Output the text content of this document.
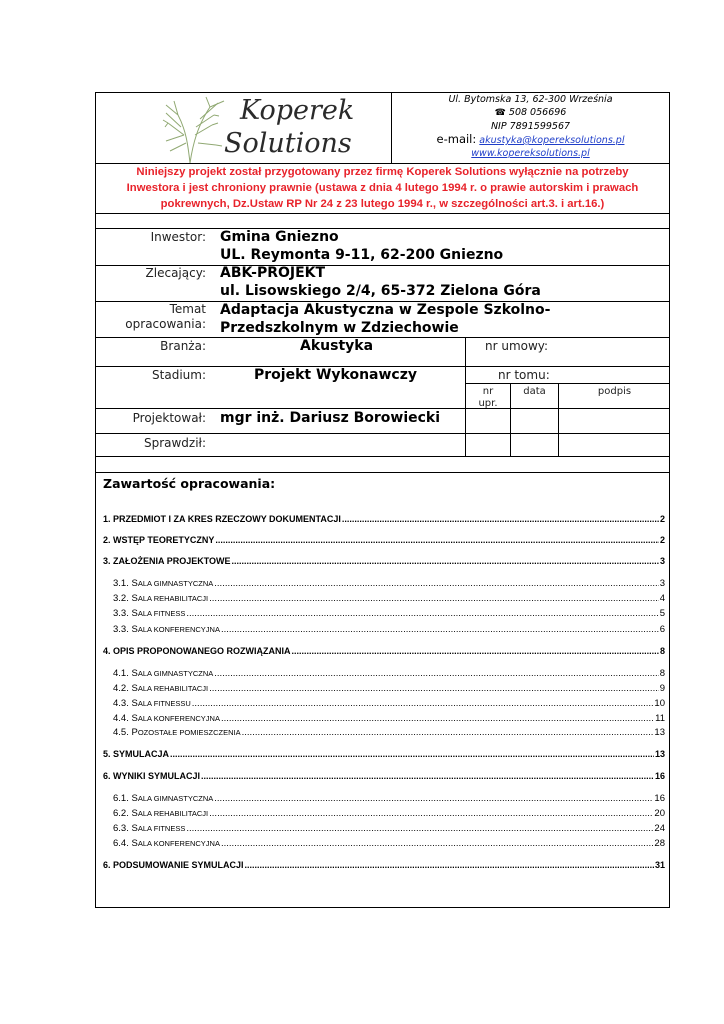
Koperek
Solutions
Ul. Bytomska 13, 62-300 Września
☎ 508 056696
NIP 7891599567
e-mail: akustyka@kopereksolutions.pl
www.kopereksolutions.pl
Niniejszy projekt został przygotowany przez firmę Koperek Solutions wyłącznie na potrzeby
Inwestora i jest chroniony prawnie (ustawa z dnia 4 lutego 1994 r. o prawie autorskim i prawach
pokrewnych, Dz.Ustaw RP Nr 24 z 23 lutego 1994 r., w szczególności art.3. i art.16.)
Inwestor: Gmina Gniezno
UL. Reymonta 9-11, 62-200 Gniezno
Zlecający: ABK-PROJEKT
ul. Lisowskiego 2/4, 65-372 Zielona Góra
Temat
opracowania:
Adaptacja Akustyczna w Zespole Szkolno-
Przedszkolnym w Zdziechowie
Branża:	Akustyka	nr umowy:
Stadium:	Projekt Wykonawczy	nr tomu:
nr
upr.
data	podpis
Projektował: mgr inż. Dariusz Borowiecki
Sprawdził:
Zawartość opracowania:
1. PRZEDMIOT I ZA KRES RZECZOWY DOKUMENTACJI .....	2
2. WSTĘP TEORETYCZNY .....	2
3. ZAŁOŻENIA PROJEKTOWE .....	3
3.1. SALA GIMNASTYCZNA .....	3
3.2. SALA REHABILITACJI .....	4
3.3. SALA FITNESS .....	5
3.3. SALA KONFERENCYJNA .....	6
4. OPIS PROPONOWANEGO ROZWIĄZANIA .....	8
4.1. SALA GIMNASTYCZNA .....	8
4.2. SALA REHABILITACJI .....	9
4.3. SALA FITNESSU .....	10
4.4. SALA KONFERENCYJNA .....	11
4.5. POZOSTAŁE POMIESZCZENIA .....	13
5. SYMULACJA .....	13
6. WYNIKI SYMULACJI .....	16
6.1. SALA GIMNASTYCZNA .....	16
6.2. SALA REHABILITACJI .....	20
6.3. SALA FITNESS .....	24
6.4. SALA KONFERENCYJNA .....	28
6. PODSUMOWANIE SYMULACJI .....	31
